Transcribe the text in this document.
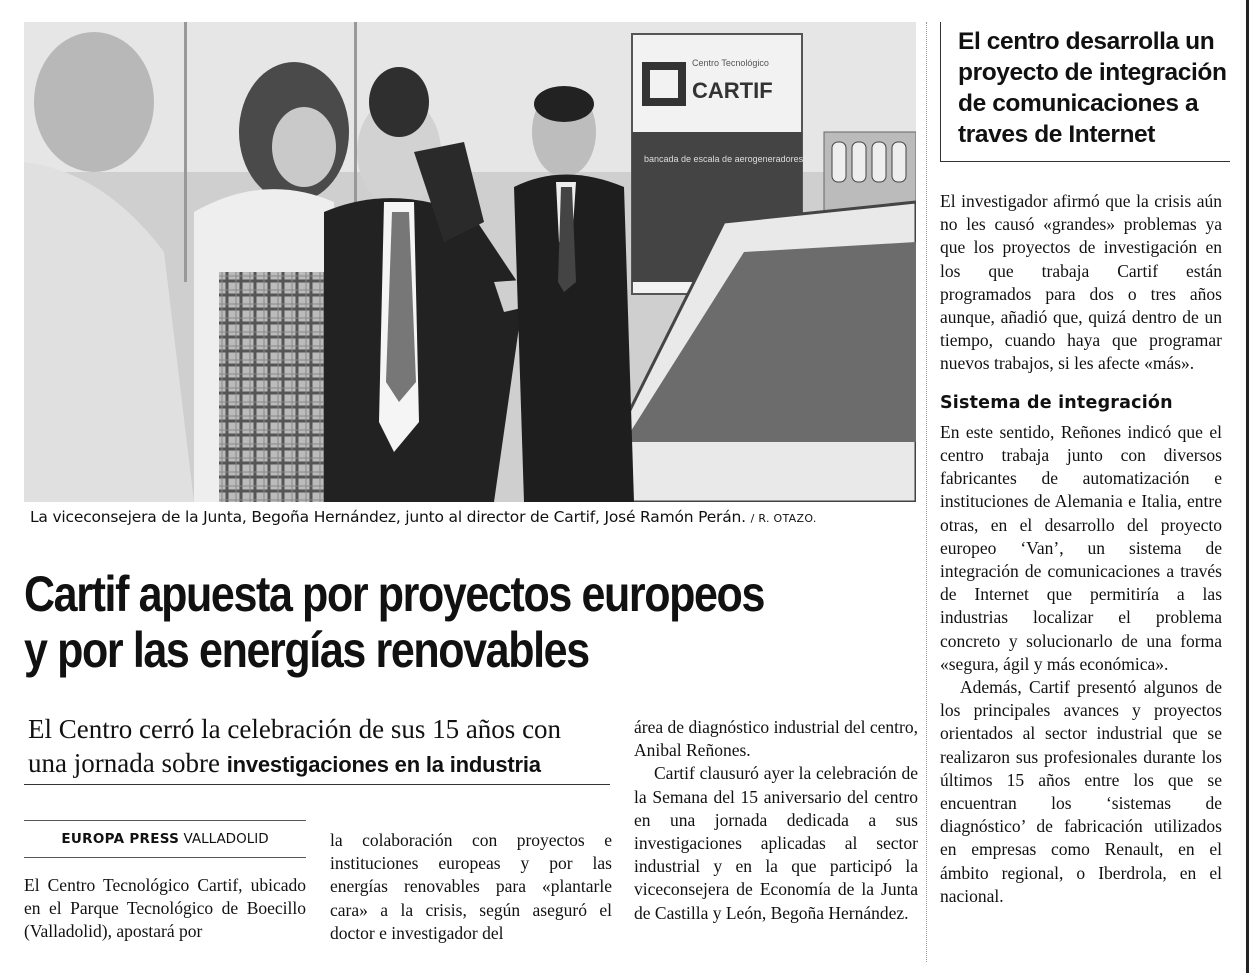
CARTIF
Centro Tecnológico
bancada de escala de aerogeneradores
La viceconsejera de la Junta, Begoña Hernández, junto al director de Cartif, José Ramón Perán. / R. OTAZO.
Cartif apuesta por proyectos europeos
y por las energías renovables
El Centro cerró la celebración de sus 15 años con
una jornada sobre investigaciones en la industria
EUROPA PRESS VALLADOLID

El Centro Tecnológico Cartif, ubicado en el Parque Tecnológico de Boecillo (Valladolid), apostará por

la colaboración con proyectos e instituciones europeas y por las energías renovables para «plantarle cara» a la crisis, según aseguró el doctor e investigador del

área de diagnóstico industrial del centro, Anibal Reñones.

Cartif clausuró ayer la celebración de la Semana del 15 aniversario del centro en una jornada dedicada a sus investigaciones aplicadas al sector industrial y en la que participó la viceconsejera de Economía de la Junta de Castilla y León, Begoña Hernández.

El centro desarrolla un proyecto de integración de comunicaciones a traves de Internet

El investigador afirmó que la crisis aún no les causó «grandes» problemas ya que los proyectos de investigación en los que trabaja Cartif están programados para dos o tres años aunque, añadió que, quizá dentro de un tiempo, cuando haya que programar nuevos trabajos, si les afecte «más».

Sistema de integración

En este sentido, Reñones indicó que el centro trabaja junto con diversos fabricantes de automatización e instituciones de Alemania e Italia, entre otras, en el desarrollo del proyecto europeo ‘Van’, un sistema de integración de comunicaciones a través de Internet que permitiría a las industrias localizar el problema concreto y solucionarlo de una forma «segura, ágil y más económica».

Además, Cartif presentó algunos de los principales avances y proyectos orientados al sector industrial que se realizaron sus profesionales durante los últimos 15 años entre los que se encuentran los ‘sistemas de diagnóstico’ de fabricación utilizados en empresas como Renault, en el ámbito regional, o Iberdrola, en el nacional.
